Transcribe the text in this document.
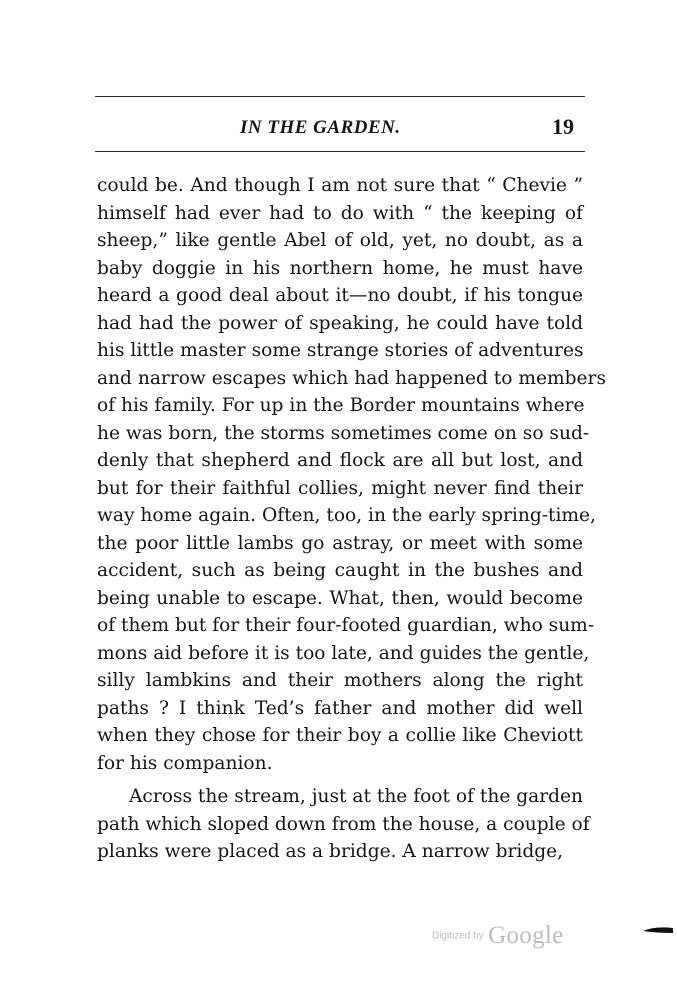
IN THE GARDEN.	19
could be. And though I am not sure that “ Chevie ”
himself had ever had to do with “ the keeping of
sheep,” like gentle Abel of old, yet, no doubt, as a
baby doggie in his northern home, he must have
heard a good deal about it—no doubt, if his tongue
had had the power of speaking, he could have told
his little master some strange stories of adventures
and narrow escapes which had happened to members
of his family. For up in the Border mountains where
he was born, the storms sometimes come on so sud-
denly that shepherd and flock are all but lost, and
but for their faithful collies, might never find their
way home again. Often, too, in the early spring-time,
the poor little lambs go astray, or meet with some
accident, such as being caught in the bushes and
being unable to escape. What, then, would become
of them but for their four-footed guardian, who sum-
mons aid before it is too late, and guides the gentle,
silly lambkins and their mothers along the right
paths ? I think Ted’s father and mother did well
when they chose for their boy a collie like Cheviott
for his companion.
Across the stream, just at the foot of the garden
path which sloped down from the house, a couple of
planks were placed as a bridge. A narrow bridge,
Digitized by Google
